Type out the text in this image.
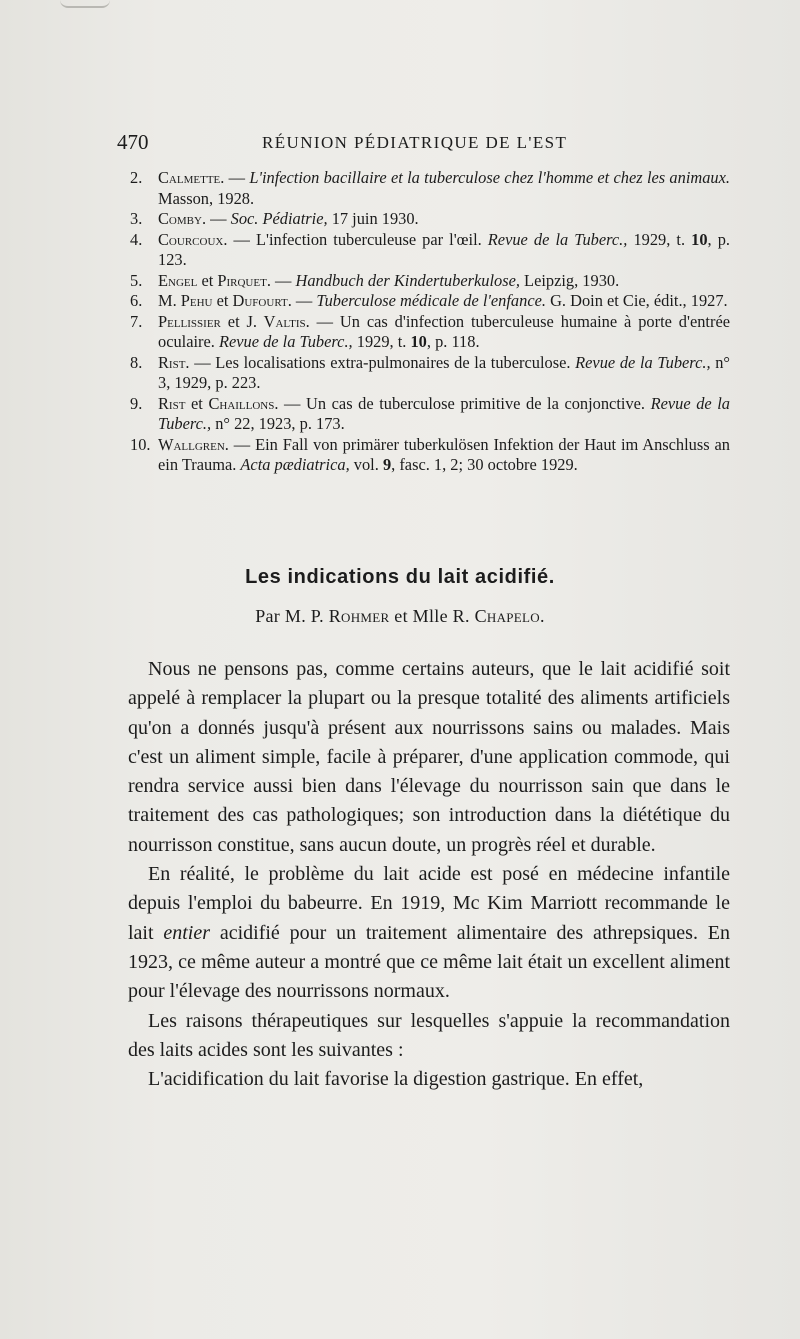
470	RÉUNION PÉDIATRIQUE DE L'EST

2. Calmette. — L'infection bacillaire et la tuberculose chez l'homme et chez les animaux. Masson, 1928.

3. Comby. — Soc. Pédiatrie, 17 juin 1930.

4. Courcoux. — L'infection tuberculeuse par l'œil. Revue de la Tuberc., 1929, t. 10, p. 123.

5. Engel et Pirquet. — Handbuch der Kindertuberkulose, Leipzig, 1930.

6. M. Pehu et Dufourt. — Tuberculose médicale de l'enfance. G. Doin et Cie, édit., 1927.

7. Pellissier et J. Valtis. — Un cas d'infection tuberculeuse humaine à porte d'entrée oculaire. Revue de la Tuberc., 1929, t. 10, p. 118.

8. Rist. — Les localisations extra-pulmonaires de la tuberculose. Revue de la Tuberc., n° 3, 1929, p. 223.

9. Rist et Chaillons. — Un cas de tuberculose primitive de la conjonctive. Revue de la Tuberc., n° 22, 1923, p. 173.

10. Wallgren. — Ein Fall von primärer tuberkulösen Infektion der Haut im Anschluss an ein Trauma. Acta pædiatrica, vol. 9, fasc. 1, 2; 30 octobre 1929.

Les indications du lait acidifié.
Par M. P. Rohmer et Mlle R. Chapelo.

Nous ne pensons pas, comme certains auteurs, que le lait acidifié soit appelé à remplacer la plupart ou la presque totalité des aliments artificiels qu'on a donnés jusqu'à présent aux nourrissons sains ou malades. Mais c'est un aliment simple, facile à préparer, d'une application commode, qui rendra service aussi bien dans l'élevage du nourrisson sain que dans le traitement des cas pathologiques; son introduction dans la diététique du nourrisson constitue, sans aucun doute, un progrès réel et durable.

En réalité, le problème du lait acide est posé en médecine infantile depuis l'emploi du babeurre. En 1919, Mc Kim Marriott recommande le lait entier acidifié pour un traitement alimentaire des athrepsiques. En 1923, ce même auteur a montré que ce même lait était un excellent aliment pour l'élevage des nourrissons normaux.

Les raisons thérapeutiques sur lesquelles s'appuie la recommandation des laits acides sont les suivantes :

L'acidification du lait favorise la digestion gastrique. En effet,
